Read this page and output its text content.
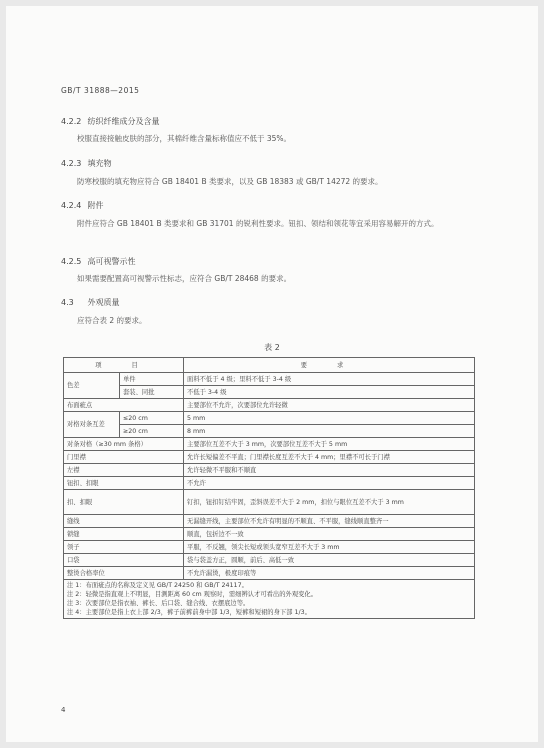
GB/T 31888—2015
4.2.2 纺织纤维成分及含量
校服直接接触皮肤的部分，其棉纤维含量标称值应不低于 35%。
4.2.3 填充物
防寒校服的填充物应符合 GB 18401 B 类要求，以及 GB 18383 或 GB/T 14272 的要求。
4.2.4 附件
附件应符合 GB 18401 B 类要求和 GB 31701 的锐利性要求。钮扣、领结和领花等宜采用容易解开的方式。
4.2.5 高可视警示性
如果需要配置高可视警示性标志，应符合 GB/T 28468 的要求。
4.3 外观质量
应符合表 2 的要求。
表 2
项 目		要 求
色差	单件	面料不低于 4 级；里料不低于 3-4 级
	套装、同批	不低于 3-4 级
布面疵点		主要部位不允许，次要部位允许轻微
对格对条互差	≤20 cm	5 mm
	≥20 cm	8 mm
对条对格（≥30 mm 条格）		主要部位互差不大于 3 mm，次要部位互差不大于 5 mm
门里襟		允许长短偏差不平直；门里襟长度互差不大于 4 mm；里襟不可长于门襟
左襟		允许轻微不平服和不顺直
钮扣、扣眼		不允许
扣、扣眼		钉扣，钮扣钉结牢固，歪斜误差不大于 2 mm，扣位与眼位互差不大于 3 mm
缝线		无漏缝开线，主要部位不允许有明显的不顺直、不平服，缝线顺直整齐一
锁缝		顺直，包折边不一致
领子		平服，不反翘，领尖长短或领头宽窄互差不大于 3 mm
口袋		袋与袋盖方正，圆顺，前后、高低一致
整烫合格率位		不允许漏烫，极度印痕等

注 1：布面疵点的名称及定义见 GB/T 24250 和 GB/T 24117。
注 2：轻微是指直观上不明显，目测距离 60 cm 观察时，需细辨认才可看出的外观变化。
注 3：次要部位是指衣袖、裤长、后口袋、缝合线、衣摆底边等。
注 4：主要部位是指上衣上部 2/3，裤子前裤前身中部 1/3，短裤和短裙的身下部 1/3。		
4
